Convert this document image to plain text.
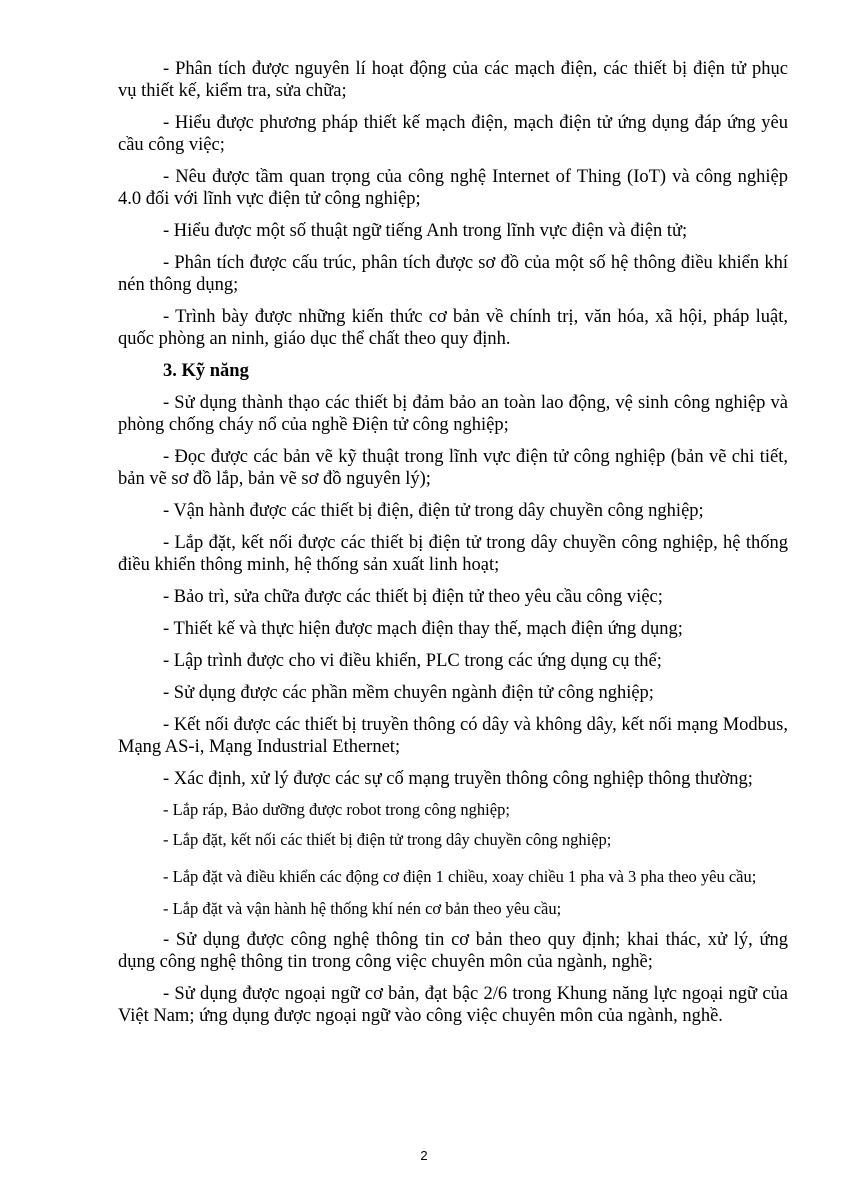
- Phân tích được nguyên lí hoạt động của các mạch điện, các thiết bị điện tử phục vụ thiết kế, kiểm tra, sửa chữa;

- Hiểu được phương pháp thiết kế mạch điện, mạch điện tử ứng dụng đáp ứng yêu cầu công việc;

- Nêu được tầm quan trọng của công nghệ Internet of Thing (IoT) và công nghiệp 4.0 đối với lĩnh vực điện tử công nghiệp;

- Hiểu được một số thuật ngữ tiếng Anh trong lĩnh vực điện và điện tử;

- Phân tích được cấu trúc, phân tích được sơ đồ của một số hệ thông điều khiển khí nén thông dụng;

- Trình bày được những kiến thức cơ bản về chính trị, văn hóa, xã hội, pháp luật, quốc phòng an ninh, giáo dục thể chất theo quy định.

3. Kỹ năng

- Sử dụng thành thạo các thiết bị đảm bảo an toàn lao động, vệ sinh công nghiệp và phòng chống cháy nổ của nghề Điện tử công nghiệp;

- Đọc được các bản vẽ kỹ thuật trong lĩnh vực điện tử công nghiệp (bản vẽ chi tiết, bản vẽ sơ đồ lắp, bản vẽ sơ đồ nguyên lý);

- Vận hành được các thiết bị điện, điện tử trong dây chuyền công nghiệp;

- Lắp đặt, kết nối được các thiết bị điện tử trong dây chuyền công nghiệp, hệ thống điều khiển thông minh, hệ thống sản xuất linh hoạt;

- Bảo trì, sửa chữa được các thiết bị điện tử theo yêu cầu công việc;

- Thiết kế và thực hiện được mạch điện thay thế, mạch điện ứng dụng;

- Lập trình được cho vi điều khiển, PLC trong các ứng dụng cụ thể;

- Sử dụng được các phần mềm chuyên ngành điện tử công nghiệp;

- Kết nối được các thiết bị truyền thông có dây và không dây, kết nối mạng Modbus, Mạng AS-i, Mạng Industrial Ethernet;

- Xác định, xử lý được các sự cố mạng truyền thông công nghiệp thông thường;

- Lắp ráp, Bảo dưỡng được robot trong công nghiệp;

- Lắp đặt, kết nối các thiết bị điện tử trong dây chuyền công nghiệp;

- Lắp đặt và điều khiển các động cơ điện 1 chiều, xoay chiều 1 pha và 3 pha theo yêu cầu;

- Lắp đặt và vận hành hệ thống khí nén cơ bản theo yêu cầu;

- Sử dụng được công nghệ thông tin cơ bản theo quy định; khai thác, xử lý, ứng dụng công nghệ thông tin trong công việc chuyên môn của ngành, nghề;

- Sử dụng được ngoại ngữ cơ bản, đạt bậc 2/6 trong Khung năng lực ngoại ngữ của Việt Nam; ứng dụng được ngoại ngữ vào công việc chuyên môn của ngành, nghề.

2
